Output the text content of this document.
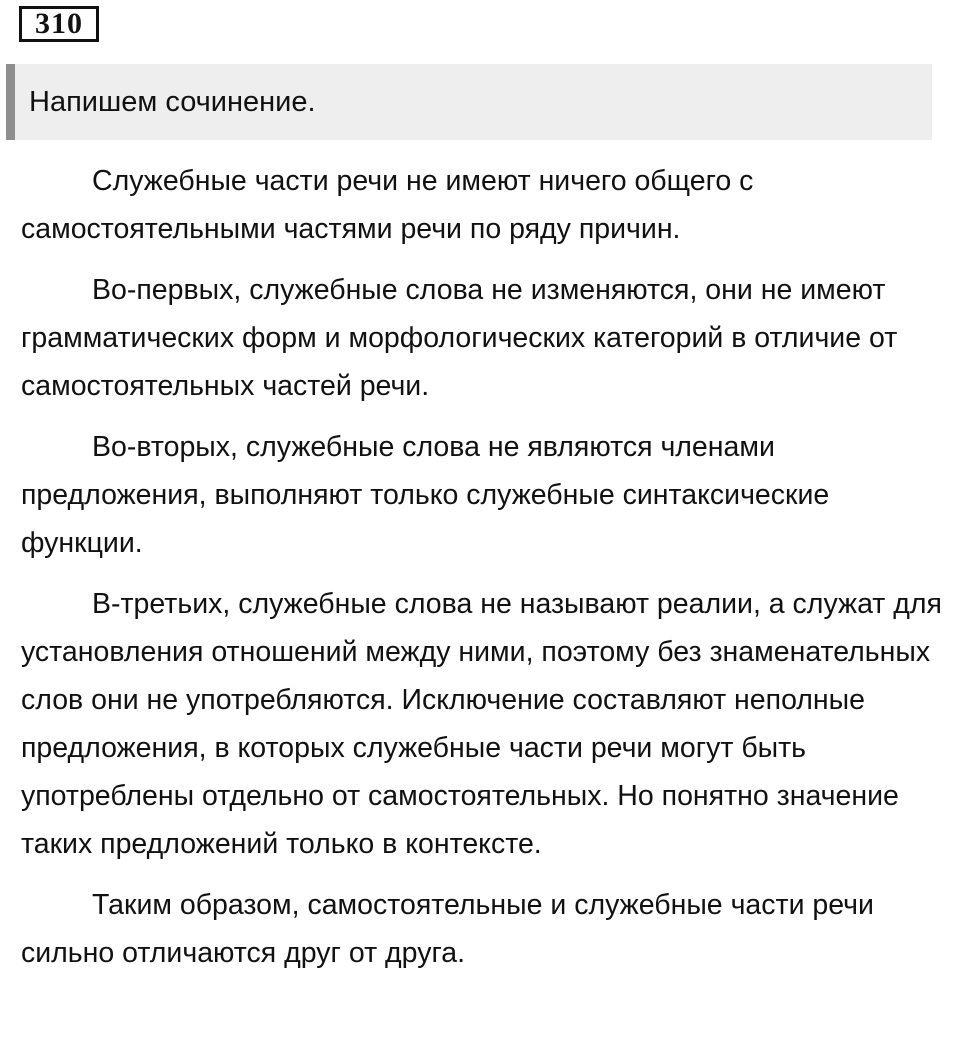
310
Напишем сочинение.

Служебные части речи не имеют ничего общего с самостоятельными частями речи по ряду причин.

Во-первых, служебные слова не изменяются, они не имеют грамматических форм и морфологических категорий в отличие от самостоятельных частей речи.

Во-вторых, служебные слова не являются членами предложения, выполняют только служебные синтаксические функции.

В-третьих, служебные слова не называют реалии, а служат для установления отношений между ними, поэтому без знаменательных слов они не употребляются. Исключение составляют неполные предложения, в которых служебные части речи могут быть употреблены отдельно от самостоятельных. Но понятно значение таких предложений только в контексте.

Таким образом, самостоятельные и служебные части речи сильно отличаются друг от друга.
